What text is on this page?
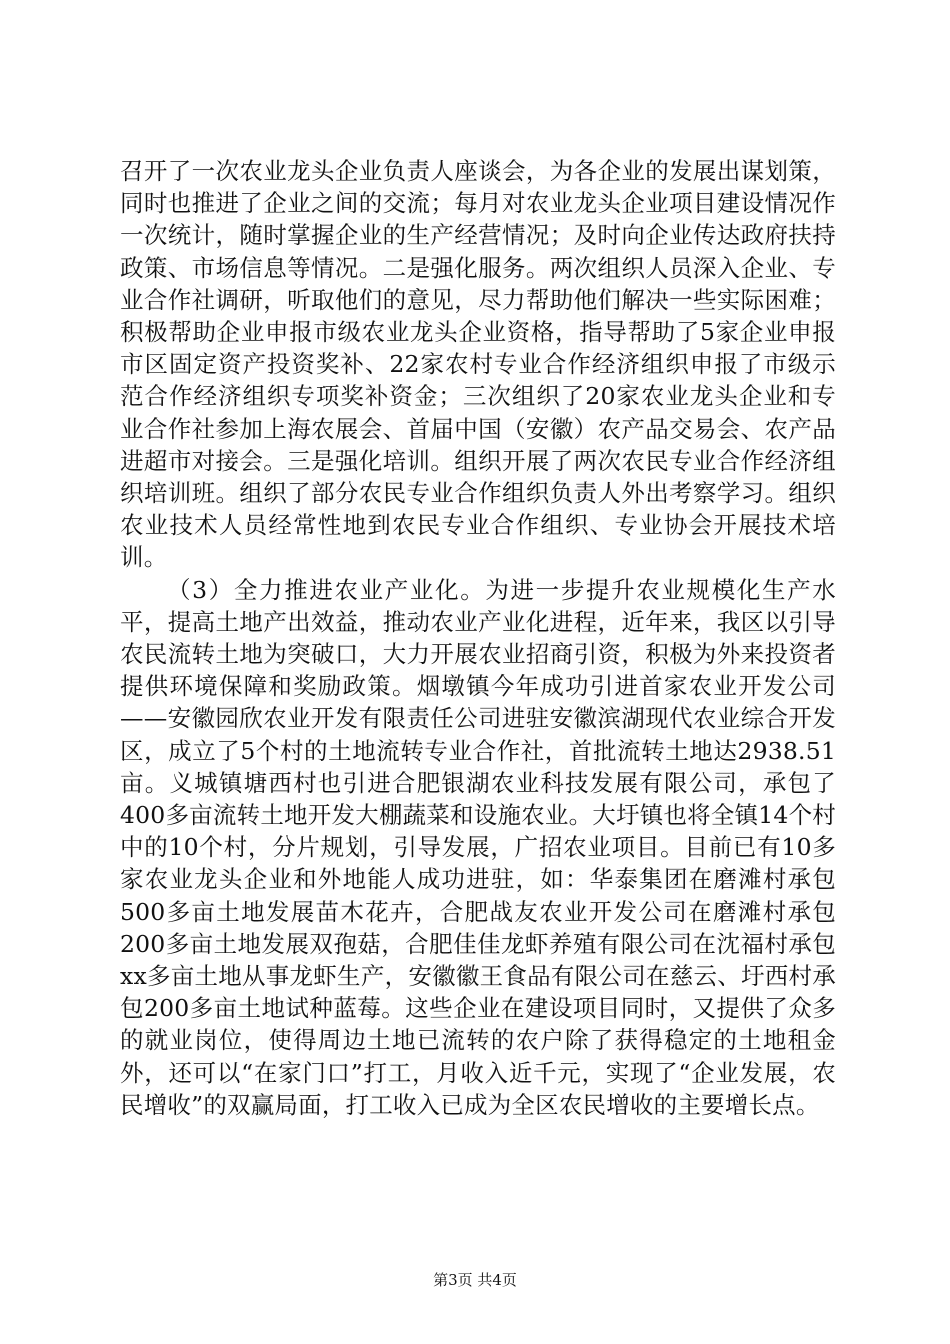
召开了一次农业龙头企业负责人座谈会，为各企业的发展出谋划策，同时也推进了企业之间的交流；每月对农业龙头企业项目建设情况作一次统计，随时掌握企业的生产经营情况；及时向企业传达政府扶持政策、市场信息等情况。二是强化服务。两次组织人员深入企业、专业合作社调研，听取他们的意见，尽力帮助他们解决一些实际困难；积极帮助企业申报市级农业龙头企业资格，指导帮助了5家企业申报市区固定资产投资奖补、22家农村专业合作经济组织申报了市级示范合作经济组织专项奖补资金；三次组织了20家农业龙头企业和专业合作社参加上海农展会、首届中国（安徽）农产品交易会、农产品进超市对接会。三是强化培训。组织开展了两次农民专业合作经济组织培训班。组织了部分农民专业合作组织负责人外出考察学习。组织农业技术人员经常性地到农民专业合作组织、专业协会开展技术培训。

（3）全力推进农业产业化。为进一步提升农业规模化生产水平，提高土地产出效益，推动农业产业化进程，近年来，我区以引导农民流转土地为突破口，大力开展农业招商引资，积极为外来投资者提供环境保障和奖励政策。烟墩镇今年成功引进首家农业开发公司——安徽园欣农业开发有限责任公司进驻安徽滨湖现代农业综合开发区，成立了5个村的土地流转专业合作社，首批流转土地达2938.51亩。义城镇塘西村也引进合肥银湖农业科技发展有限公司，承包了400多亩流转土地开发大棚蔬菜和设施农业。大圩镇也将全镇14个村中的10个村，分片规划，引导发展，广招农业项目。目前已有10多家农业龙头企业和外地能人成功进驻，如：华泰集团在磨滩村承包500多亩土地发展苗木花卉，合肥战友农业开发公司在磨滩村承包200多亩土地发展双孢菇，合肥佳佳龙虾养殖有限公司在沈福村承包xx多亩土地从事龙虾生产，安徽徽王食品有限公司在慈云、圩西村承包200多亩土地试种蓝莓。这些企业在建设项目同时，又提供了众多的就业岗位，使得周边土地已流转的农户除了获得稳定的土地租金外，还可以“在家门口”打工，月收入近千元，实现了“企业发展，农民增收”的双赢局面，打工收入已成为全区农民增收的主要增长点。

第3页 共4页
